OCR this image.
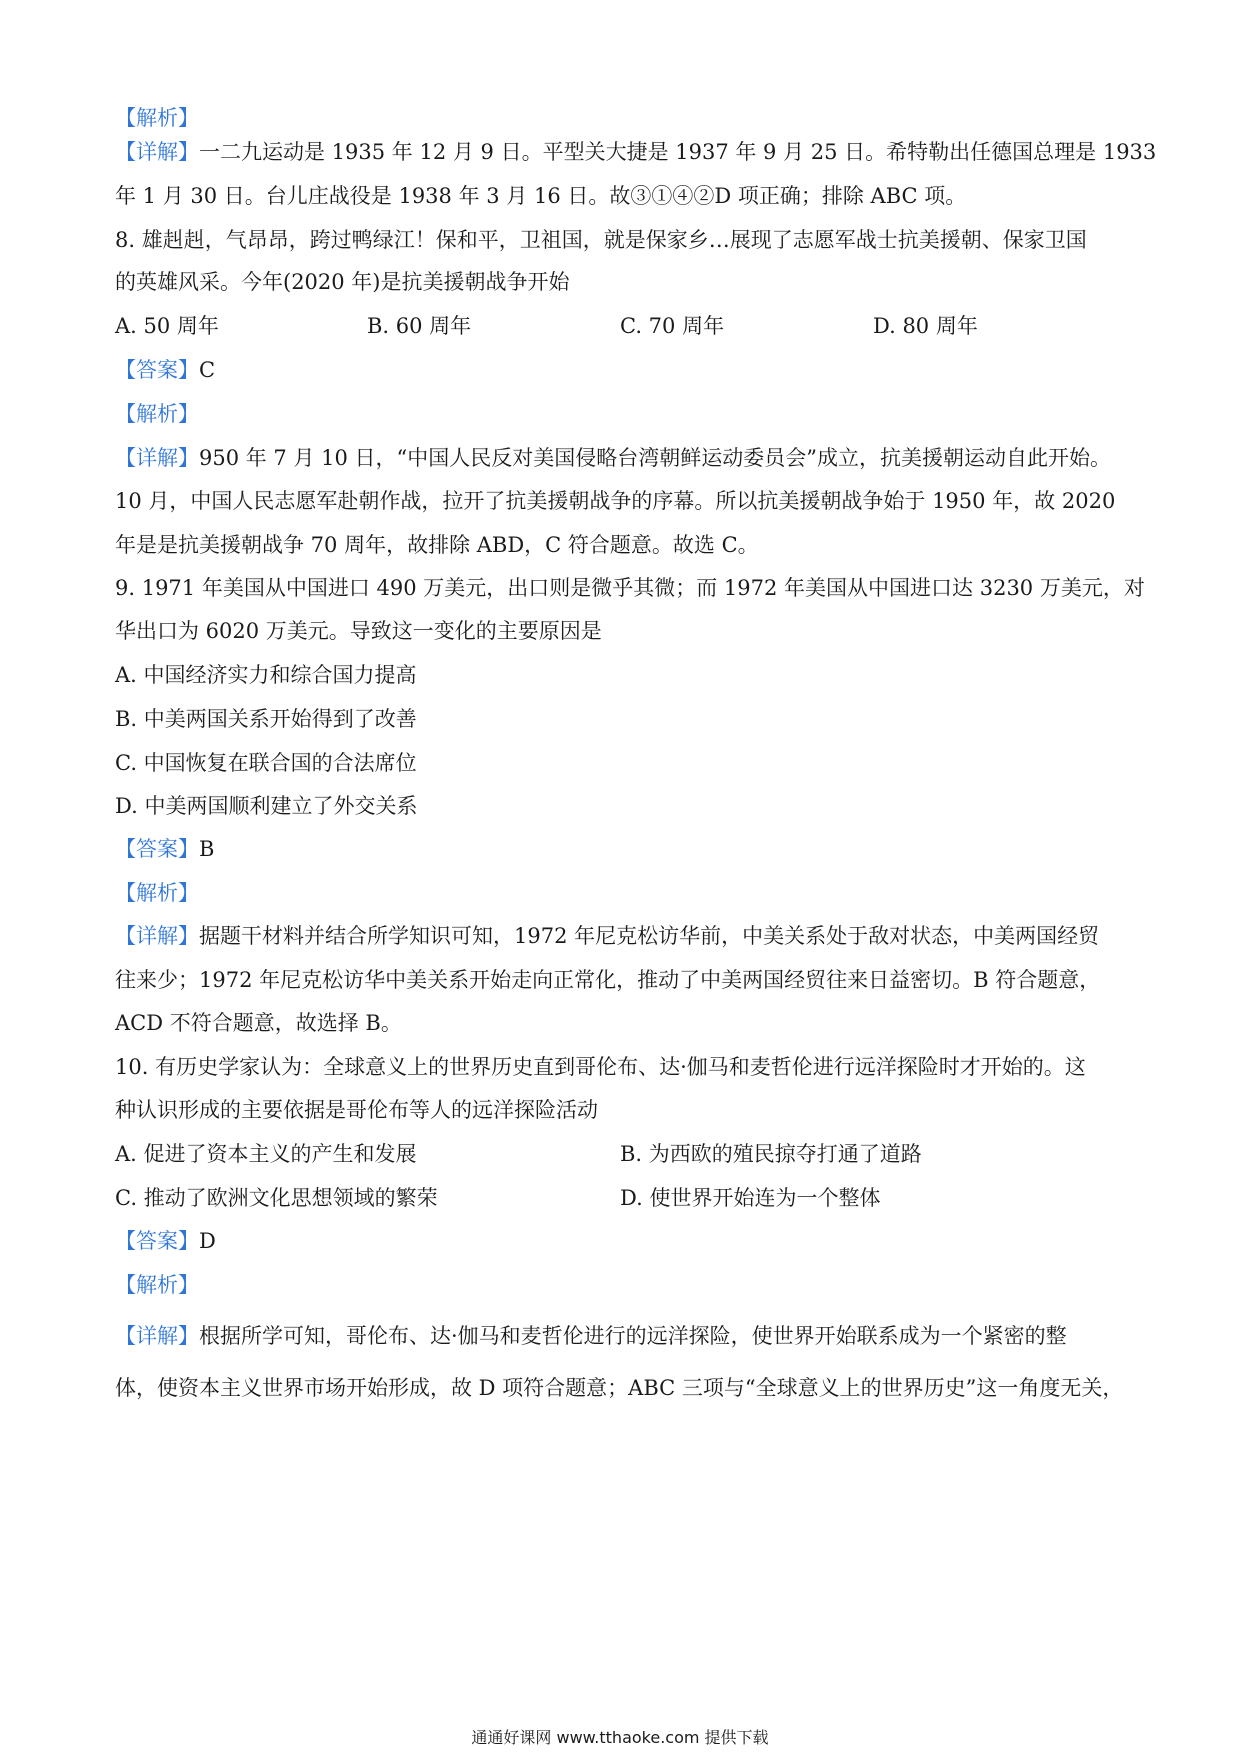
【解析】
【详解】一二九运动是 1935 年 12 月 9 日。平型关大捷是 1937 年 9 月 25 日。希特勒出任德国总理是 1933
年 1 月 30 日。台儿庄战役是 1938 年 3 月 16 日。故③①④②D 项正确；排除 ABC 项。
8. 雄赳赳，气昂昂，跨过鸭绿江！保和平，卫祖国，就是保家乡…展现了志愿军战士抗美援朝、保家卫国
的英雄风采。今年(2020 年)是抗美援朝战争开始
A. 50 周年	B. 60 周年	C. 70 周年	D. 80 周年
【答案】C
【解析】
【详解】950 年 7 月 10 日，“中国人民反对美国侵略台湾朝鲜运动委员会”成立，抗美援朝运动自此开始。
10 月，中国人民志愿军赴朝作战，拉开了抗美援朝战争的序幕。所以抗美援朝战争始于 1950 年，故 2020
年是是抗美援朝战争 70 周年，故排除 ABD，C 符合题意。故选 C。
9. 1971 年美国从中国进口 490 万美元，出口则是微乎其微；而 1972 年美国从中国进口达 3230 万美元，对
华出口为 6020 万美元。导致这一变化的主要原因是
A. 中国经济实力和综合国力提高
B. 中美两国关系开始得到了改善
C. 中国恢复在联合国的合法席位
D. 中美两国顺利建立了外交关系
【答案】B
【解析】
【详解】据题干材料并结合所学知识可知，1972 年尼克松访华前，中美关系处于敌对状态，中美两国经贸
往来少；1972 年尼克松访华中美关系开始走向正常化，推动了中美两国经贸往来日益密切。B 符合题意，
ACD 不符合题意，故选择 B。
10. 有历史学家认为：全球意义上的世界历史直到哥伦布、达·伽马和麦哲伦进行远洋探险时才开始的。这
种认识形成的主要依据是哥伦布等人的远洋探险活动
A. 促进了资本主义的产生和发展	B. 为西欧的殖民掠夺打通了道路
C. 推动了欧洲文化思想领域的繁荣	D. 使世界开始连为一个整体
【答案】D
【解析】
【详解】根据所学可知，哥伦布、达·伽马和麦哲伦进行的远洋探险，使世界开始联系成为一个紧密的整
体，使资本主义世界市场开始形成，故 D 项符合题意；ABC 三项与“全球意义上的世界历史”这一角度无关，
通通好课网 www.tthaoke.com 提供下载
